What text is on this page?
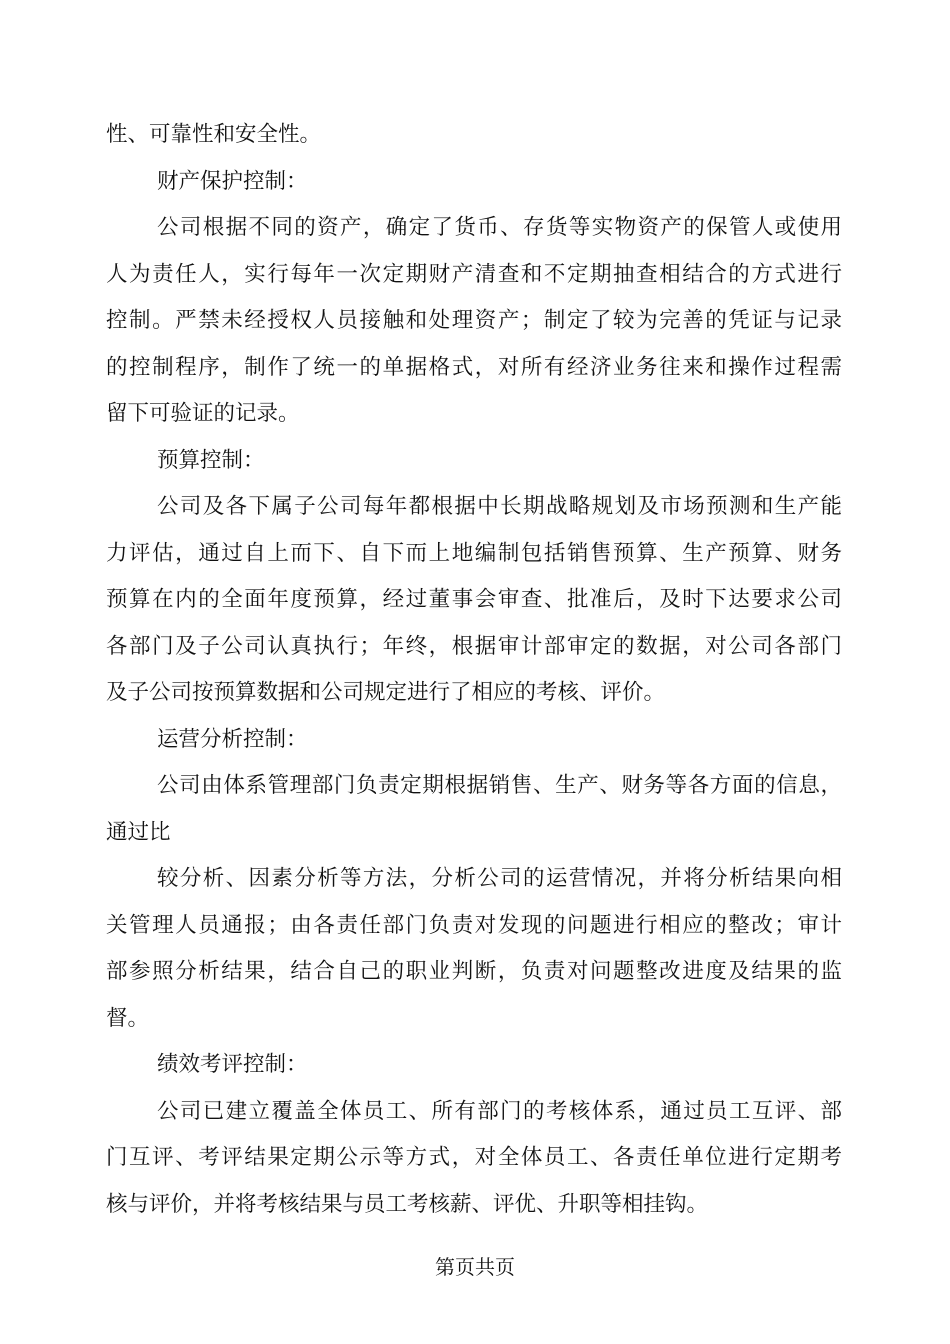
性、可靠性和安全性。

财产保护控制：

公司根据不同的资产，确定了货币、存货等实物资产的保管人或使用

人为责任人，实行每年一次定期财产清查和不定期抽查相结合的方式进行

控制。严禁未经授权人员接触和处理资产；制定了较为完善的凭证与记录

的控制程序，制作了统一的单据格式，对所有经济业务往来和操作过程需

留下可验证的记录。

预算控制：

公司及各下属子公司每年都根据中长期战略规划及市场预测和生产能

力评估，通过自上而下、自下而上地编制包括销售预算、生产预算、财务

预算在内的全面年度预算，经过董事会审查、批准后，及时下达要求公司

各部门及子公司认真执行；年终，根据审计部审定的数据，对公司各部门

及子公司按预算数据和公司规定进行了相应的考核、评价。

运营分析控制：

公司由体系管理部门负责定期根据销售、生产、财务等各方面的信息，

通过比

较分析、因素分析等方法，分析公司的运营情况，并将分析结果向相

关管理人员通报；由各责任部门负责对发现的问题进行相应的整改；审计

部参照分析结果，结合自己的职业判断，负责对问题整改进度及结果的监

督。

绩效考评控制：

公司已建立覆盖全体员工、所有部门的考核体系，通过员工互评、部

门互评、考评结果定期公示等方式，对全体员工、各责任单位进行定期考

核与评价，并将考核结果与员工考核薪、评优、升职等相挂钩。

第页共页
